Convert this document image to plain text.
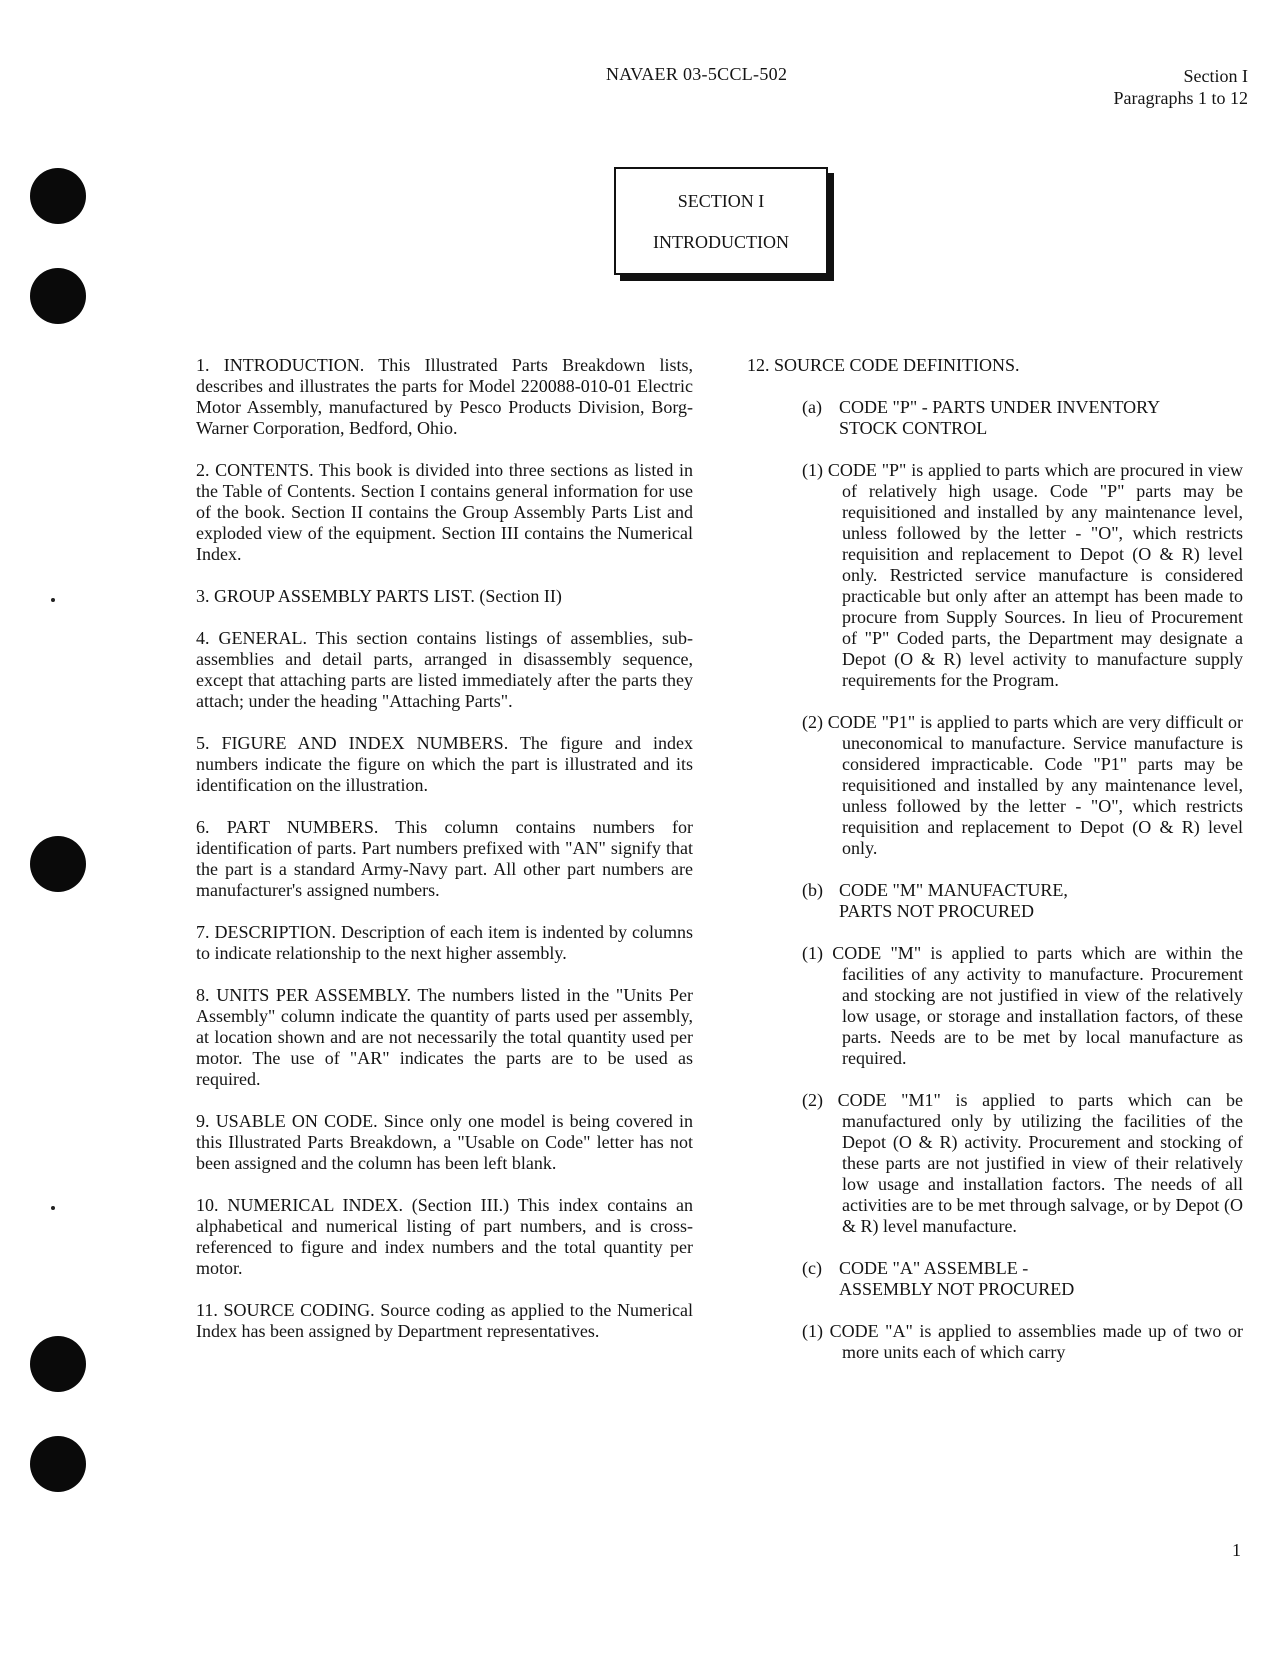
NAVAER 03-5CCL-502	Section I
Paragraphs 1 to 12
SECTION I
INTRODUCTION

1. INTRODUCTION. This Illustrated Parts Breakdown lists, describes and illustrates the parts for Model 220088-010-01 Electric Motor Assembly, manufactured by Pesco Products Division, Borg-Warner Corporation, Bedford, Ohio.

2. CONTENTS. This book is divided into three sections as listed in the Table of Contents. Section I contains general information for use of the book. Section II contains the Group Assembly Parts List and exploded view of the equipment. Section III contains the Numerical Index.

3. GROUP ASSEMBLY PARTS LIST. (Section II)

4. GENERAL. This section contains listings of assemblies, sub-assemblies and detail parts, arranged in disassembly sequence, except that attaching parts are listed immediately after the parts they attach; under the heading "Attaching Parts".

5. FIGURE AND INDEX NUMBERS. The figure and index numbers indicate the figure on which the part is illustrated and its identification on the illustration.

6. PART NUMBERS. This column contains numbers for identification of parts. Part numbers prefixed with "AN" signify that the part is a standard Army-Navy part. All other part numbers are manufacturer's assigned numbers.

7. DESCRIPTION. Description of each item is indented by columns to indicate relationship to the next higher assembly.

8. UNITS PER ASSEMBLY. The numbers listed in the "Units Per Assembly" column indicate the quantity of parts used per assembly, at location shown and are not necessarily the total quantity used per motor. The use of "AR" indicates the parts are to be used as required.

9. USABLE ON CODE. Since only one model is being covered in this Illustrated Parts Breakdown, a "Usable on Code" letter has not been assigned and the column has been left blank.

10. NUMERICAL INDEX. (Section III.) This index contains an alphabetical and numerical listing of part numbers, and is cross-referenced to figure and index numbers and the total quantity per motor.

11. SOURCE CODING. Source coding as applied to the Numerical Index has been assigned by Department representatives.

12. SOURCE CODE DEFINITIONS.

(a) CODE "P" - PARTS UNDER INVENTORY
STOCK CONTROL

(1) CODE "P" is applied to parts which are procured in view of relatively high usage. Code "P" parts may be requisitioned and installed by any maintenance level, unless followed by the letter - "O", which restricts requisition and replacement to Depot (O & R) level only. Restricted service manufacture is considered practicable but only after an attempt has been made to procure from Supply Sources. In lieu of Procurement of "P" Coded parts, the Department may designate a Depot (O & R) level activity to manufacture supply requirements for the Program.

(2) CODE "P1" is applied to parts which are very difficult or uneconomical to manufacture. Service manufacture is considered impracticable. Code "P1" parts may be requisitioned and installed by any maintenance level, unless followed by the letter - "O", which restricts requisition and replacement to Depot (O & R) level only.

(b) CODE "M" MANUFACTURE,
PARTS NOT PROCURED

(1) CODE "M" is applied to parts which are within the facilities of any activity to manufacture. Procurement and stocking are not justified in view of the relatively low usage, or storage and installation factors, of these parts. Needs are to be met by local manufacture as required.

(2) CODE "M1" is applied to parts which can be manufactured only by utilizing the facilities of the Depot (O & R) activity. Procurement and stocking of these parts are not justified in view of their relatively low usage and installation factors. The needs of all activities are to be met through salvage, or by Depot (O & R) level manufacture.

(c) CODE "A" ASSEMBLE -
ASSEMBLY NOT PROCURED

(1) CODE "A" is applied to assemblies made up of two or more units each of which carry

1
